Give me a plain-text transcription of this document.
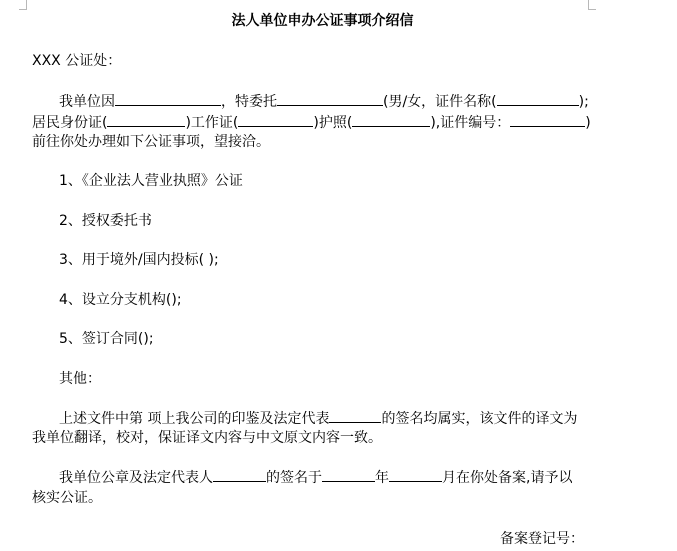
法人单位申办公证事项介绍信
XXX 公证处：
我单位因	，特委托	(男/女，证件名称(	);
居民身份证(	)工作证(	)护照(	),证件编号：	)
前往你处办理如下公证事项，望接洽。
1、《企业法人营业执照》公证
2、授权委托书
3、用于境外/国内投标( );
4、设立分支机构();
5、签订合同();
其他：
上述文件中第 项上我公司的印鉴及法定代表	的签名均属实，该文件的译文为
我单位翻译，校对，保证译文内容与中文原文内容一致。
我单位公章及法定代表人	的签名于	年	月在你处备案,请予以
核实公证。
备案登记号：
